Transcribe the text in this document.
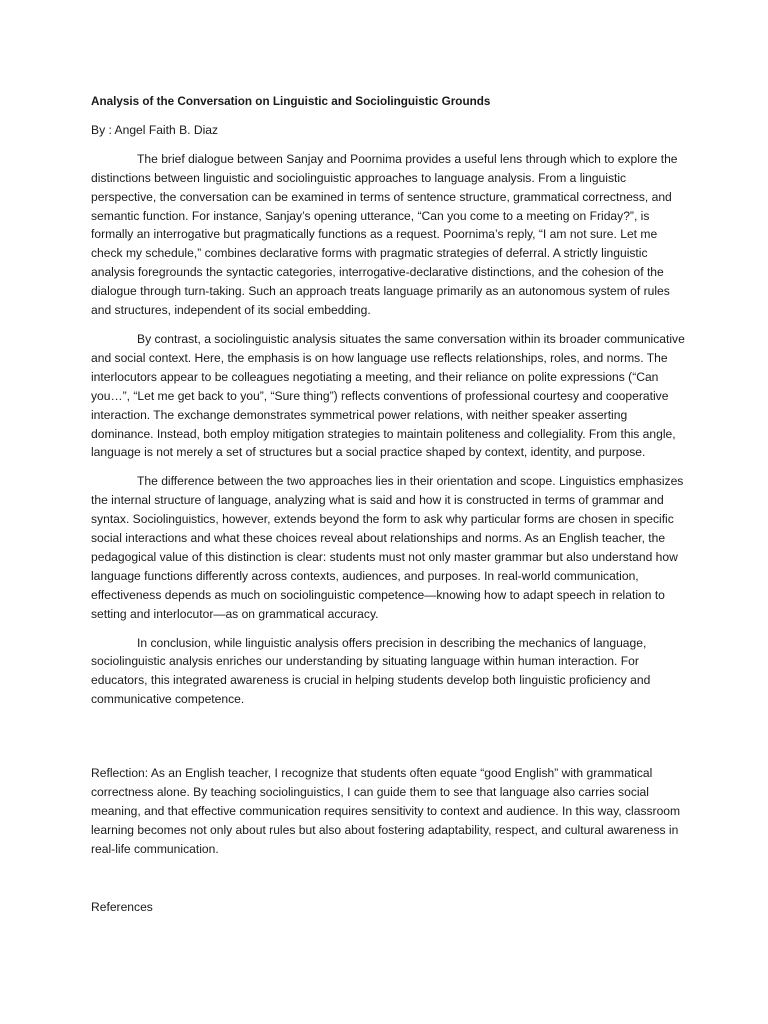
Analysis of the Conversation on Linguistic and Sociolinguistic Grounds

By : Angel Faith B. Diaz

The brief dialogue between Sanjay and Poornima provides a useful lens through which to explore the distinctions between linguistic and sociolinguistic approaches to language analysis. From a linguistic perspective, the conversation can be examined in terms of sentence structure, grammatical correctness, and semantic function. For instance, Sanjay’s opening utterance, “Can you come to a meeting on Friday?”, is formally an interrogative but pragmatically functions as a request. Poornima’s reply, “I am not sure. Let me check my schedule,” combines declarative forms with pragmatic strategies of deferral. A strictly linguistic analysis foregrounds the syntactic categories, interrogative-declarative distinctions, and the cohesion of the dialogue through turn-taking. Such an approach treats language primarily as an autonomous system of rules and structures, independent of its social embedding.

By contrast, a sociolinguistic analysis situates the same conversation within its broader communicative and social context. Here, the emphasis is on how language use reflects relationships, roles, and norms. The interlocutors appear to be colleagues negotiating a meeting, and their reliance on polite expressions (“Can you…”, “Let me get back to you”, “Sure thing”) reflects conventions of professional courtesy and cooperative interaction. The exchange demonstrates symmetrical power relations, with neither speaker asserting dominance. Instead, both employ mitigation strategies to maintain politeness and collegiality. From this angle, language is not merely a set of structures but a social practice shaped by context, identity, and purpose.

The difference between the two approaches lies in their orientation and scope. Linguistics emphasizes the internal structure of language, analyzing what is said and how it is constructed in terms of grammar and syntax. Sociolinguistics, however, extends beyond the form to ask why particular forms are chosen in specific social interactions and what these choices reveal about relationships and norms. As an English teacher, the pedagogical value of this distinction is clear: students must not only master grammar but also understand how language functions differently across contexts, audiences, and purposes. In real-world communication, effectiveness depends as much on sociolinguistic competence—knowing how to adapt speech in relation to setting and interlocutor—as on grammatical accuracy.

In conclusion, while linguistic analysis offers precision in describing the mechanics of language, sociolinguistic analysis enriches our understanding by situating language within human interaction. For educators, this integrated awareness is crucial in helping students develop both linguistic proficiency and communicative competence.

Reflection: As an English teacher, I recognize that students often equate “good English” with grammatical correctness alone. By teaching sociolinguistics, I can guide them to see that language also carries social meaning, and that effective communication requires sensitivity to context and audience. In this way, classroom learning becomes not only about rules but also about fostering adaptability, respect, and cultural awareness in real-life communication.

References
